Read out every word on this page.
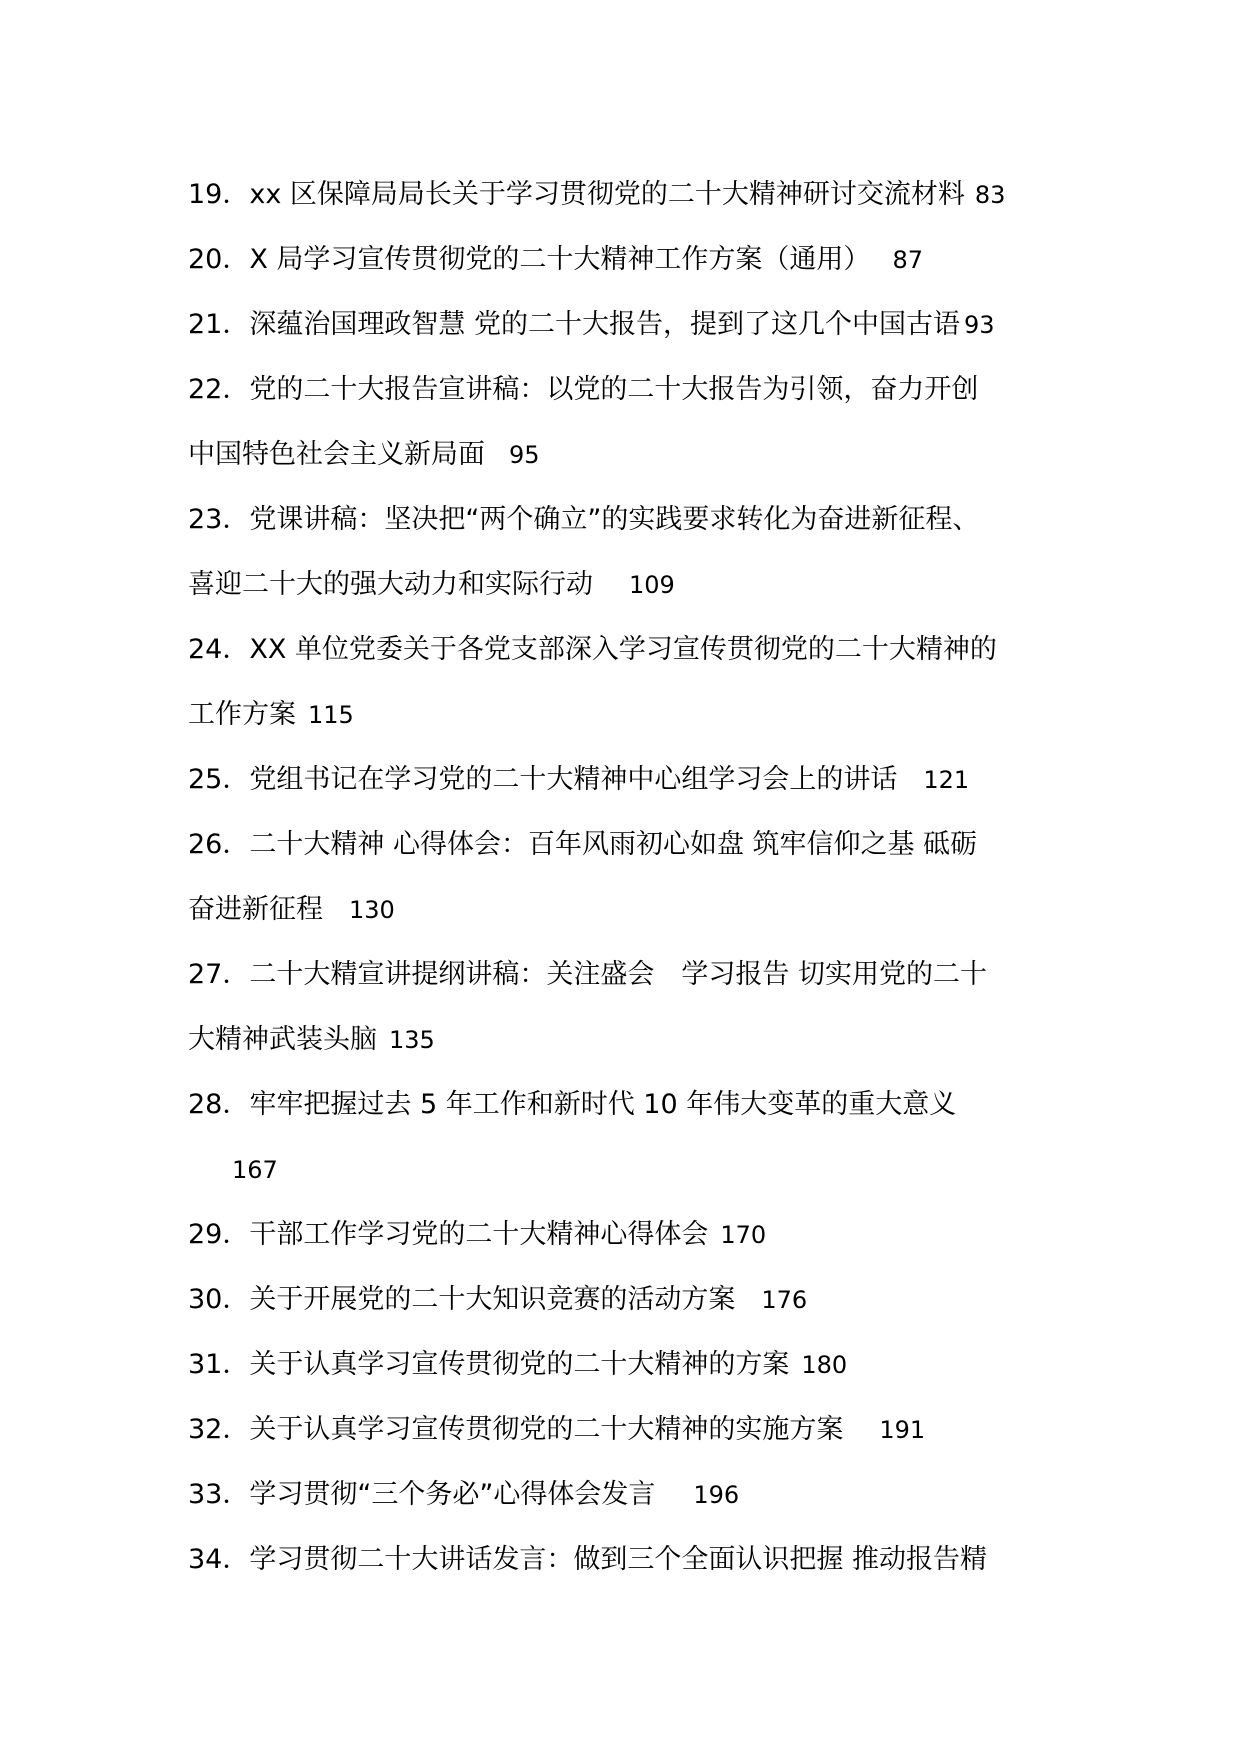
19．xx 区保障局局长关于学习贯彻党的二十大精神研讨交流材料 83
20．X 局学习宣传贯彻党的二十大精神工作方案（通用） 87
21．深蕴治国理政智慧 党的二十大报告，提到了这几个中国古语 93
22．党的二十大报告宣讲稿：以党的二十大报告为引领，奋力开创
中国特色社会主义新局面 95
23．党课讲稿：坚决把“两个确立”的实践要求转化为奋进新征程、
喜迎二十大的强大动力和实际行动 109
24．XX 单位党委关于各党支部深入学习宣传贯彻党的二十大精神的
工作方案 115
25．党组书记在学习党的二十大精神中心组学习会上的讲话 121
26．二十大精神 心得体会：百年风雨初心如盘 筑牢信仰之基 砥砺
奋进新征程 130
27．二十大精宣讲提纲讲稿：关注盛会　学习报告 切实用党的二十
大精神武装头脑 135
28．牢牢把握过去 5 年工作和新时代 10 年伟大变革的重大意义
167
29．干部工作学习党的二十大精神心得体会 170
30．关于开展党的二十大知识竞赛的活动方案 176
31．关于认真学习宣传贯彻党的二十大精神的方案 180
32．关于认真学习宣传贯彻党的二十大精神的实施方案 191
33．学习贯彻“三个务必”心得体会发言 196
34．学习贯彻二十大讲话发言：做到三个全面认识把握 推动报告精
